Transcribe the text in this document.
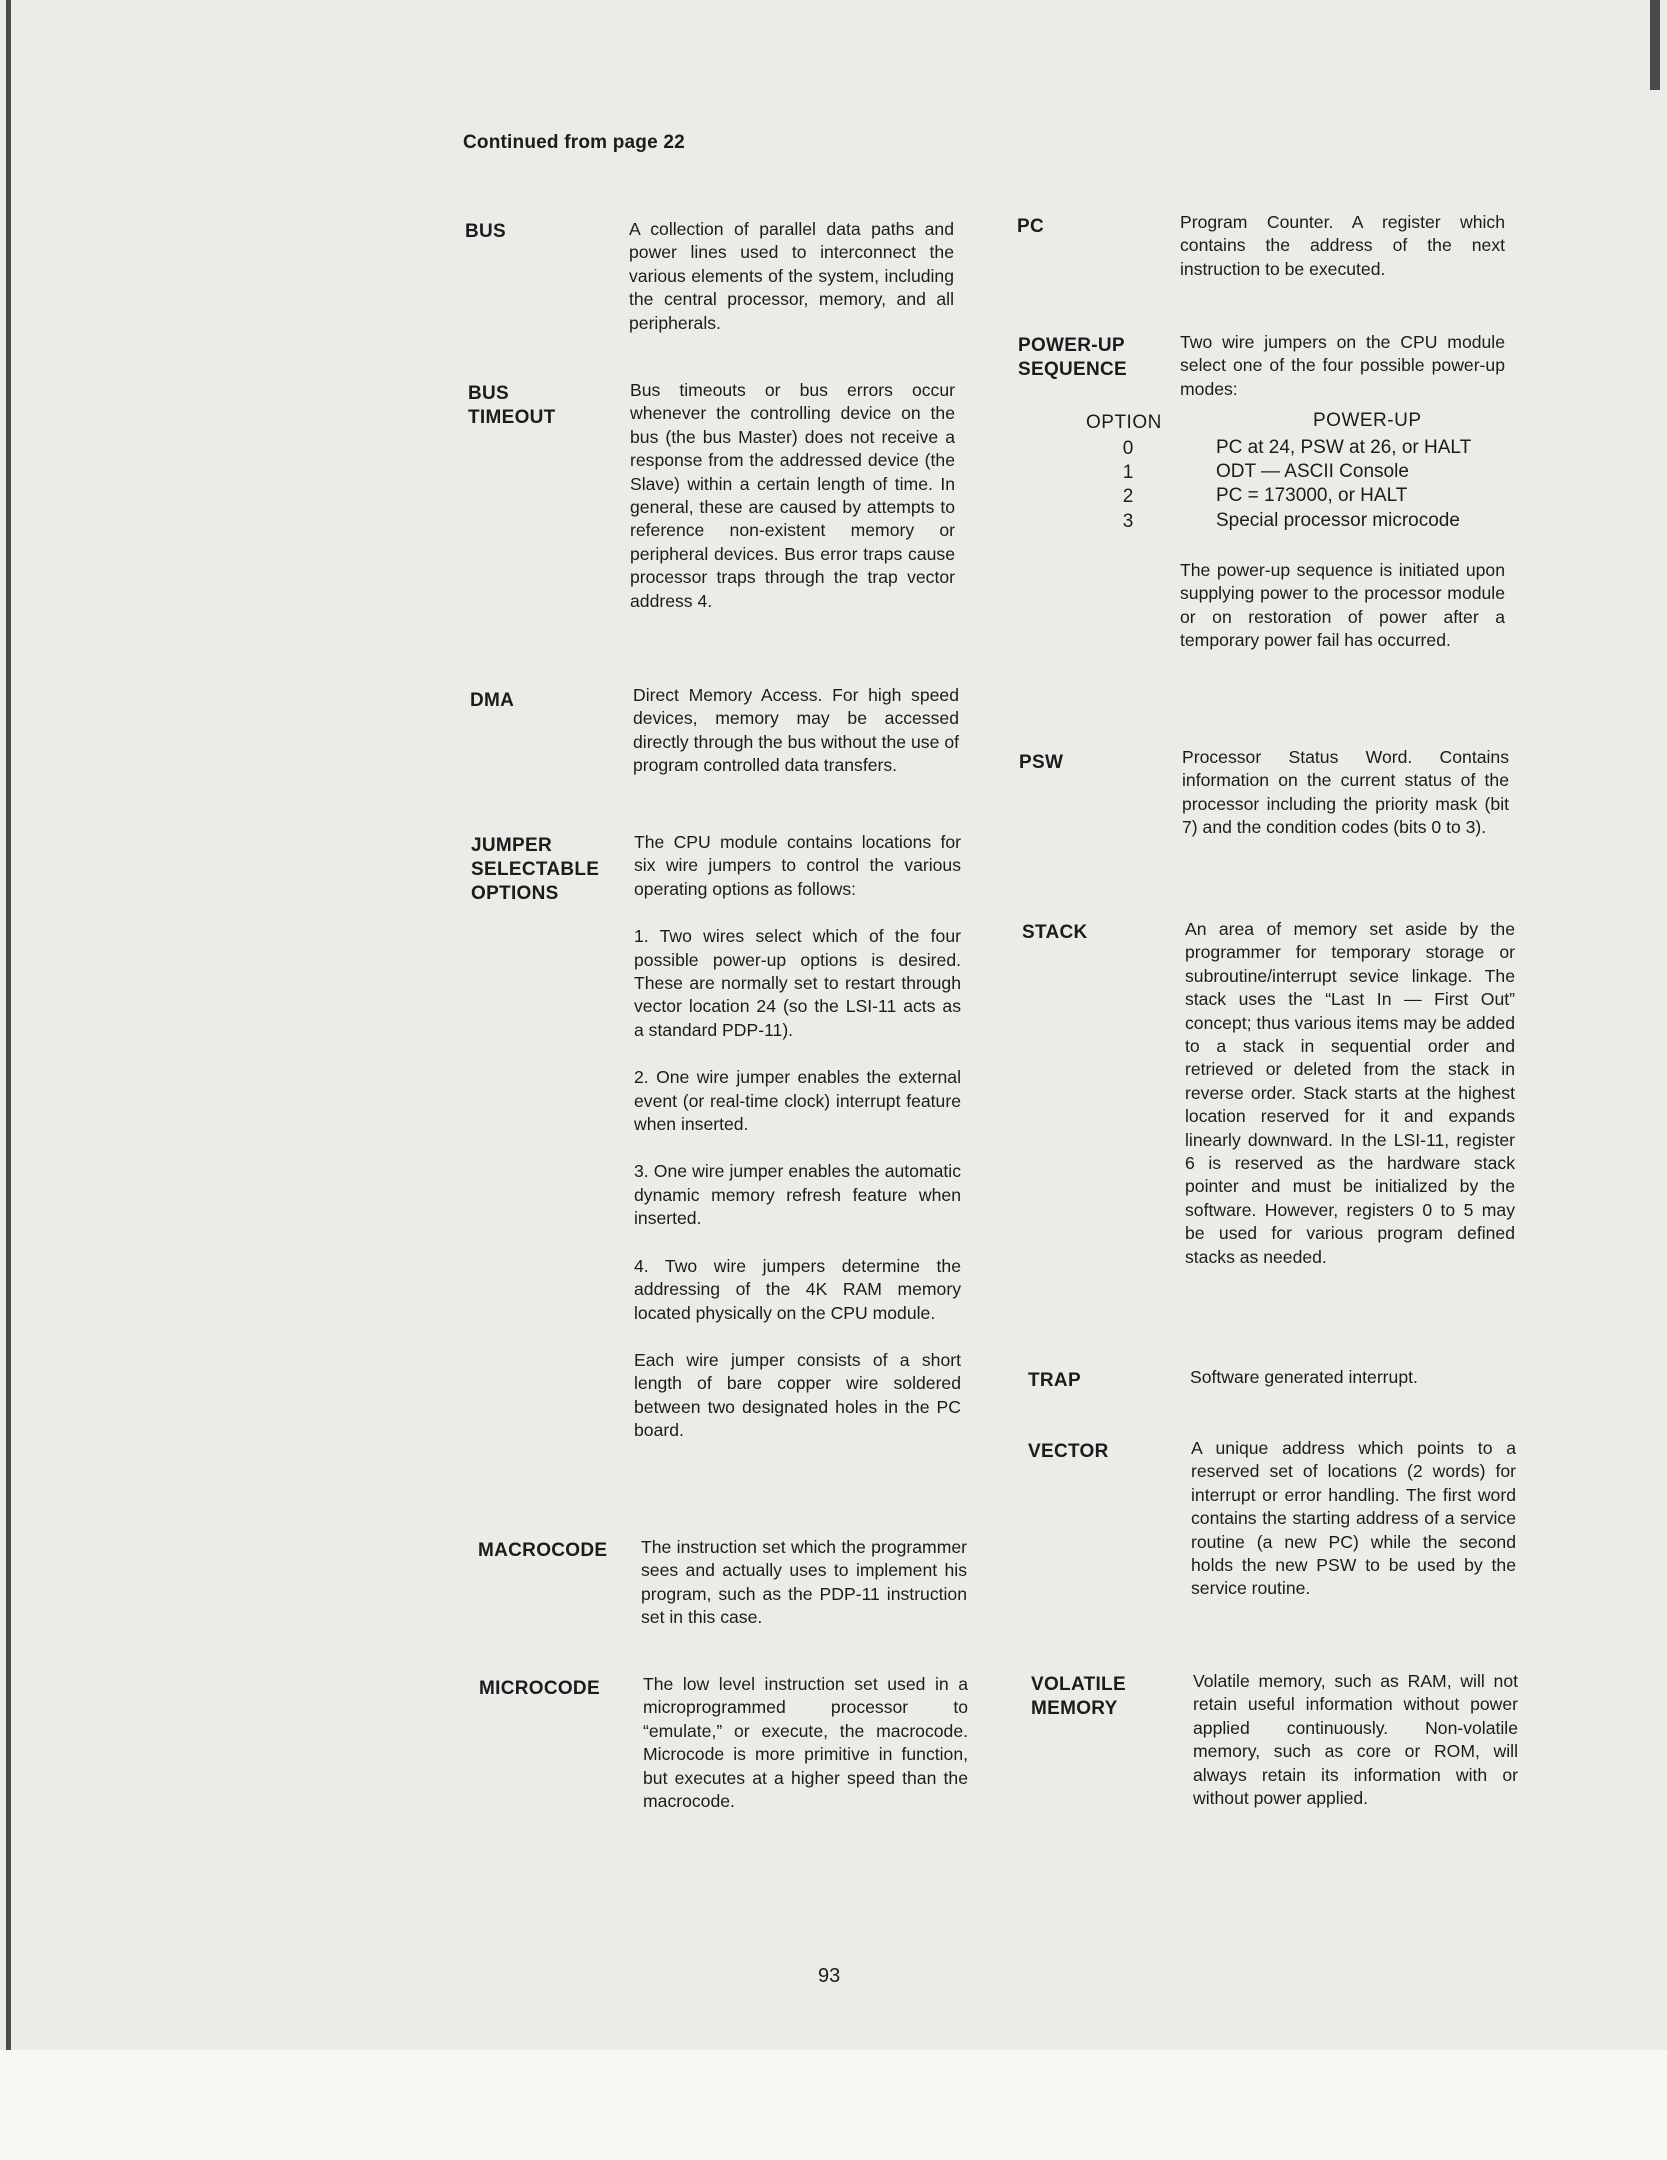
Continued from page 22
BUS	A collection of parallel data paths and power lines used to interconnect the various elements of the system, including the central processor, memory, and all peripherals.

BUS
TIMEOUT

Bus timeouts or bus errors occur whenever the controlling device on the bus (the bus Master) does not receive a response from the addressed device (the Slave) within a certain length of time. In general, these are caused by attempts to reference non-existent memory or peripheral devices. Bus error traps cause processor traps through the trap vector address 4.

DMA	Direct Memory Access. For high speed devices, memory may be accessed directly through the bus without the use of program controlled data transfers.

JUMPER
SELECTABLE
OPTIONS

The CPU module contains locations for six wire jumpers to control the various operating options as follows:

1. Two wires select which of the four possible power-up options is desired. These are normally set to restart through vector location 24 (so the LSI-11 acts as a standard PDP-11).

2. One wire jumper enables the external event (or real-time clock) interrupt feature when inserted.

3. One wire jumper enables the automatic dynamic memory refresh feature when inserted.

4. Two wire jumpers determine the addressing of the 4K RAM memory located physically on the CPU module.

Each wire jumper consists of a short length of bare copper wire soldered between two designated holes in the PC board.

MACROCODE The instruction set which the programmer sees and actually uses to implement his program, such as the PDP-11 instruction set in this case.

MICROCODE The low level instruction set used in a microprogrammed processor to “emulate,” or execute, the macrocode. Microcode is more primitive in function, but executes at a higher speed than the macrocode.

PC	Program Counter. A register which contains the address of the next instruction to be executed.

POWER-UP
SEQUENCE

Two wire jumpers on the CPU module select one of the four possible power-up modes:

OPTION	POWER-UP
0	PC at 24, PSW at 26, or HALT
1	ODT — ASCII Console
2	PC = 173000, or HALT
3	Special processor microcode

The power-up sequence is initiated upon supplying power to the processor module or on restoration of power after a temporary power fail has occurred.

PSW	Processor Status Word. Contains information on the current status of the processor including the priority mask (bit 7) and the condition codes (bits 0 to 3).

STACK	An area of memory set aside by the programmer for temporary storage or subroutine/interrupt sevice linkage. The stack uses the “Last In — First Out” concept; thus various items may be added to a stack in sequential order and retrieved or deleted from the stack in reverse order. Stack starts at the highest location reserved for it and expands linearly downward. In the LSI-11, register 6 is reserved as the hardware stack pointer and must be initialized by the software. However, registers 0 to 5 may be used for various program defined stacks as needed.

TRAP	Software generated interrupt.

VECTOR	A unique address which points to a reserved set of locations (2 words) for interrupt or error handling. The first word contains the starting address of a service routine (a new PC) while the second holds the new PSW to be used by the service routine.

VOLATILE
MEMORY

Volatile memory, such as RAM, will not retain useful information without power applied continuously. Non-volatile memory, such as core or ROM, will always retain its information with or without power applied.

93
